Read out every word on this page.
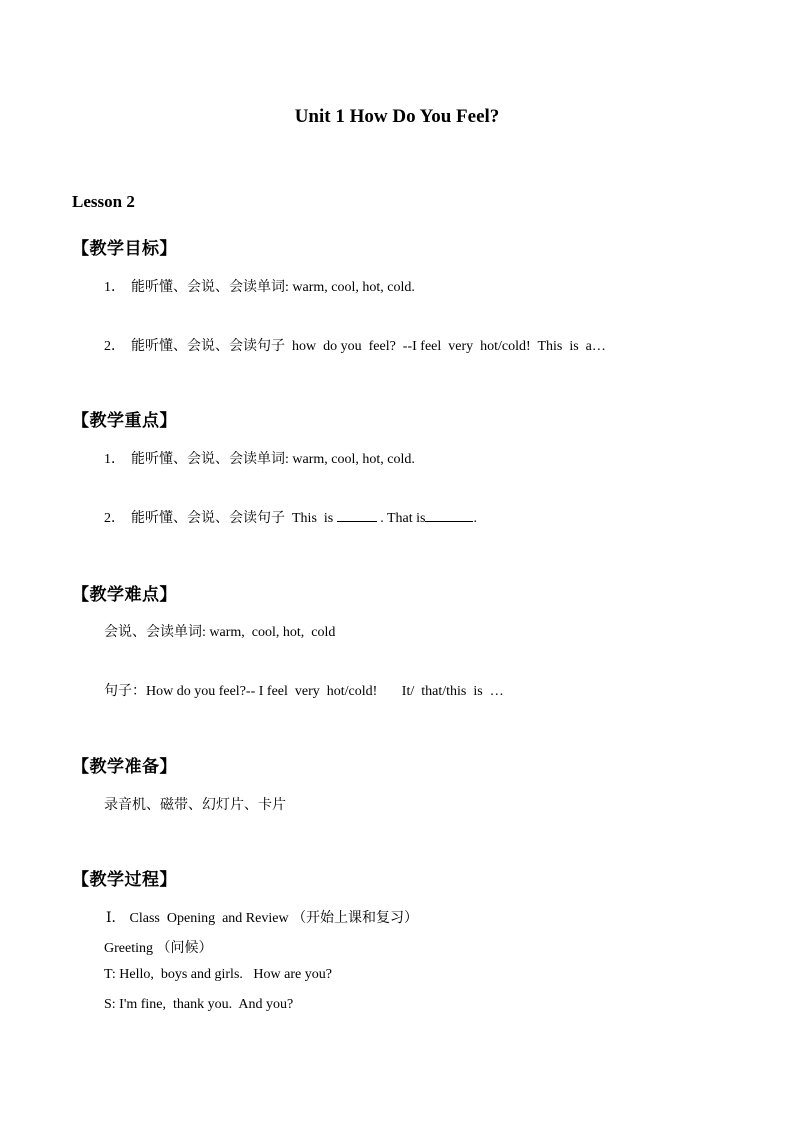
Unit 1 How Do You Feel?
Lesson 2
【教学目标】
1． 能听懂、会说、会读单词: warm, cool, hot, cold.
2． 能听懂、会说、会读句子  how  do you  feel?  --I feel  very  hot/cold!  This  is  a…
【教学重点】
1． 能听懂、会说、会读单词: warm, cool, hot, cold.
2． 能听懂、会说、会读句子  This  is	. That is	.
【教学难点】
会说、会读单词: warm,  cool, hot,  cold
句子：How do you feel?-- I feel  very  hot/cold!       It/  that/this  is  …
【教学准备】
录音机、磁带、幻灯片、卡片
【教学过程】
Ⅰ． Class  Opening  and Review （开始上课和复习）
Greeting （问候）
T: Hello,  boys and girls.   How are you?
S: I'm fine,  thank you.  And you?
